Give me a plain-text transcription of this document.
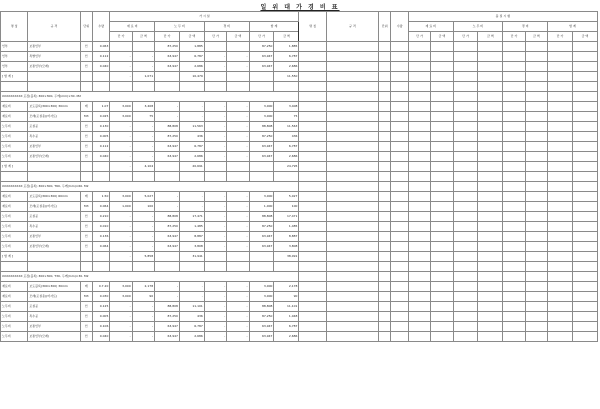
일 위 대 가 경 비 표
명 칭	규 격	단위	수량	가 시 설								명 칭	규 격	단위	수량	품 질 시 험							
				재 료 비		노 무 비		경 비		합 계						재 료 비		노 무 비		경 비		합 계	
				단 가	금 액	단 가	금 액	단 가	금 액	단 가	금 액					단 가	금 액	단 가	금 액	단 가	금 액	단 가	금 액
인부	보통인부	인	0.063			87,250	1,885			87,250	1,885												
인부	특별인부	인	0.112	-	-	63,947	6,787	-	-	63,947	6,787												
인부	보통인부(모래)	인	0.040	-	-	63,947	2,686	-	-	63,947	2,686												
[ 합 계 ]				-	1,071		10,479				11,550												

XXXXXXXXXX 포장(블록) 300×300, 두께(mm)×30. M2																							
재료비	보도블록(300×300) 30mm	매	1.07	3,000	3,408	-	-	-	-	3,000	3,408												
재료비	모래(포설용)(마사토)	M3	0.025	3,000	75	-	-	-	-	3,000	75												
노무비	포설공	인	0.130	-	-	88,808	11,563	-	-	88,808	11,563												
노무비	특수공	인	0.005	-	-	87,250	436	-	-	87,250	436												
노무비	보통인부	인	0.112	-	-	63,947	6,787	-	-	63,947	6,787												
노무비	보통인부(모래)	인	0.040	-	-	63,947	2,686	-	-	63,947	2,686												
[ 합 계 ]				-	4,104		20,691				24,795												

XXXXXXXXXX 포장(블록) 300×300, T60, 두께(mm)×60. M2																							
재료비	보도블록(300×300) 60mm	매	1.50	3,000	5,027	-	-	-	-	3,000	5,027												
재료비	모래(포설용)(마사토)	M3	0.064	1,000	100	-	-	-	-	1,000	100												
노무비	포설공	인	0.210	-	-	88,808	17,471	-	-	88,808	17,471												
노무비	특수공	인	0.010	-	-	87,250	1,485	-	-	87,250	1,485												
노무비	보통인부	인	0.136	-	-	63,947	8,887	-	-	63,947	8,887												
노무비	보통인부(모래)	인	0.064	-	-	63,947	3,808	-	-	63,947	3,808												
[ 합 계 ]				-	5,858		31,941				38,091												

XXXXXXXXXX 포장(블록) 300×300, T30, 두께(mm)×30. M2																							
재료비	보도블록(300×300) 30mm	매	0.7.20	3,000	2,178	-	-	-	-	3,000	2,178												
재료비	모래(포설용)(마사토)	M3	0.030	3,000	90	-	-	-	-	3,000	90												
노무비	포설공	인	0.125	-	-	88,808	11,101	-	-	88,808	11,101												
노무비	특수공	인	0.005	-	-	87,250	436	-	-	87,250	1,048												
노무비	보통인부	인	0.106	-	-	63,947	6,787	-	-	63,947	6,787												
노무비	보통인부(모래)	인	0.040	-	-	63,947	2,686	-	-	63,947	2,686												
